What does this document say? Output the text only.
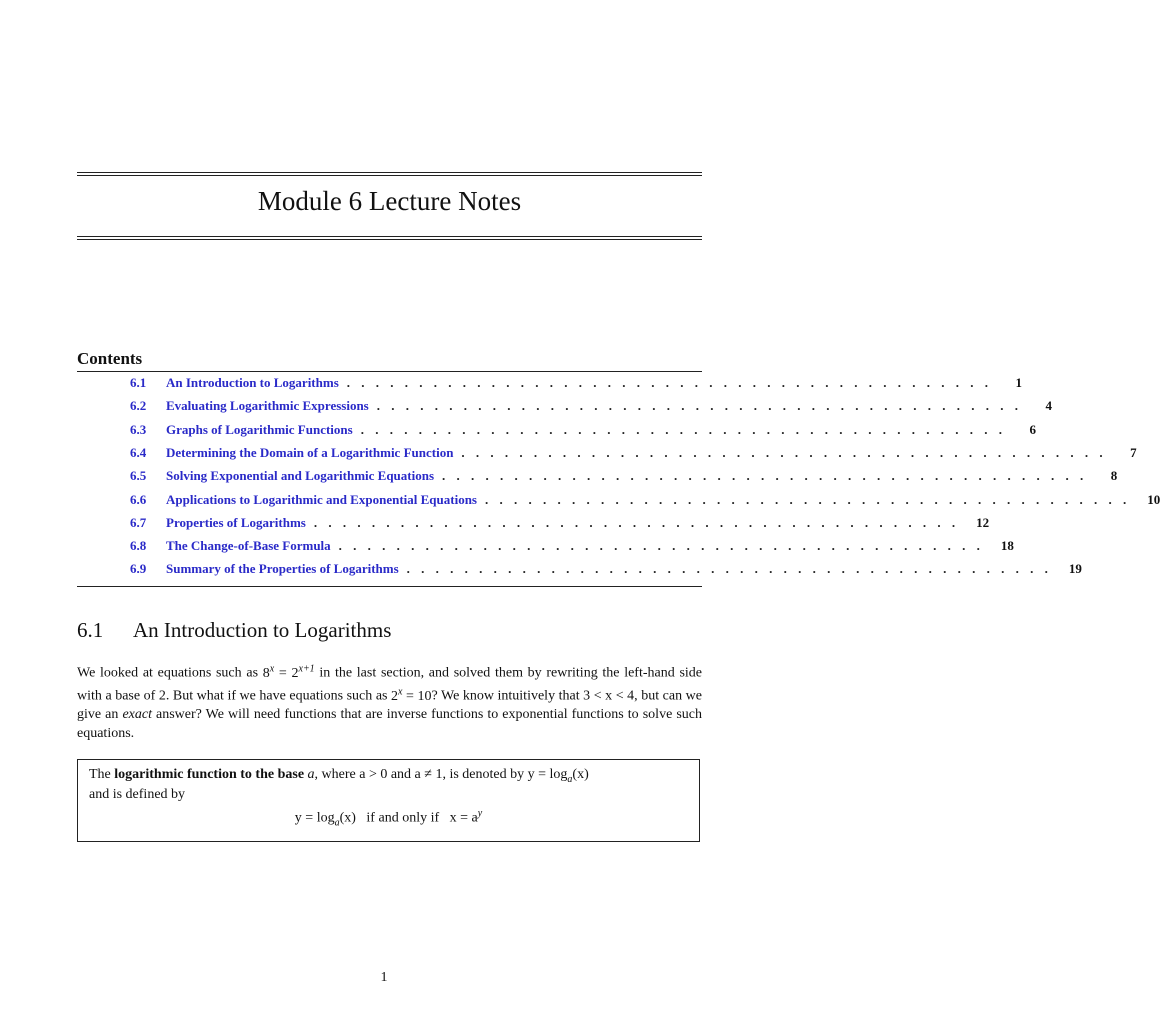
Module 6 Lecture Notes
Contents
6.1	An Introduction to Logarithms . . . . . . . . . . . . . . . . . . . . . . . . . . . . . . . . . . . . . . . . . . . . .	1
6.2	Evaluating Logarithmic Expressions . . . . . . . . . . . . . . . . . . . . . . . . . . . . . . . . . . . . . . . . . . . . .	4
6.3	Graphs of Logarithmic Functions . . . . . . . . . . . . . . . . . . . . . . . . . . . . . . . . . . . . . . . . . . . . .	6
6.4	Determining the Domain of a Logarithmic Function . . . . . . . . . . . . . . . . . . . . . . . . . . . . . . . . . . . . . . . . . . . . .	7
6.5	Solving Exponential and Logarithmic Equations . . . . . . . . . . . . . . . . . . . . . . . . . . . . . . . . . . . . . . . . . . . . .	8
6.6	Applications to Logarithmic and Exponential Equations . . . . . . . . . . . . . . . . . . . . . . . . . . . . . . . . . . . . . . . . . . . . .	10
6.7	Properties of Logarithms . . . . . . . . . . . . . . . . . . . . . . . . . . . . . . . . . . . . . . . . . . . . .	12
6.8	The Change-of-Base Formula . . . . . . . . . . . . . . . . . . . . . . . . . . . . . . . . . . . . . . . . . . . . .	18
6.9	Summary of the Properties of Logarithms . . . . . . . . . . . . . . . . . . . . . . . . . . . . . . . . . . . . . . . . . . . . .	19
6.1 An Introduction to Logarithms
We looked at equations such as $8^x = 2^{x+1}$ in the last section, and solved them by rewriting the left-hand side with a base of 2. But what if we have equations such as $2^x = 10$? We know intuitively that 3 < x < 4, but can we give an exact answer? We will need functions that are inverse functions to exponential functions to solve such equations.
The logarithmic function to the base a, where a > 0 and a ≠ 1, is denoted by $y = \log_a(x)$
and is defined by
$y = \log_a(x)$ if and only if $x = a^y$
1
